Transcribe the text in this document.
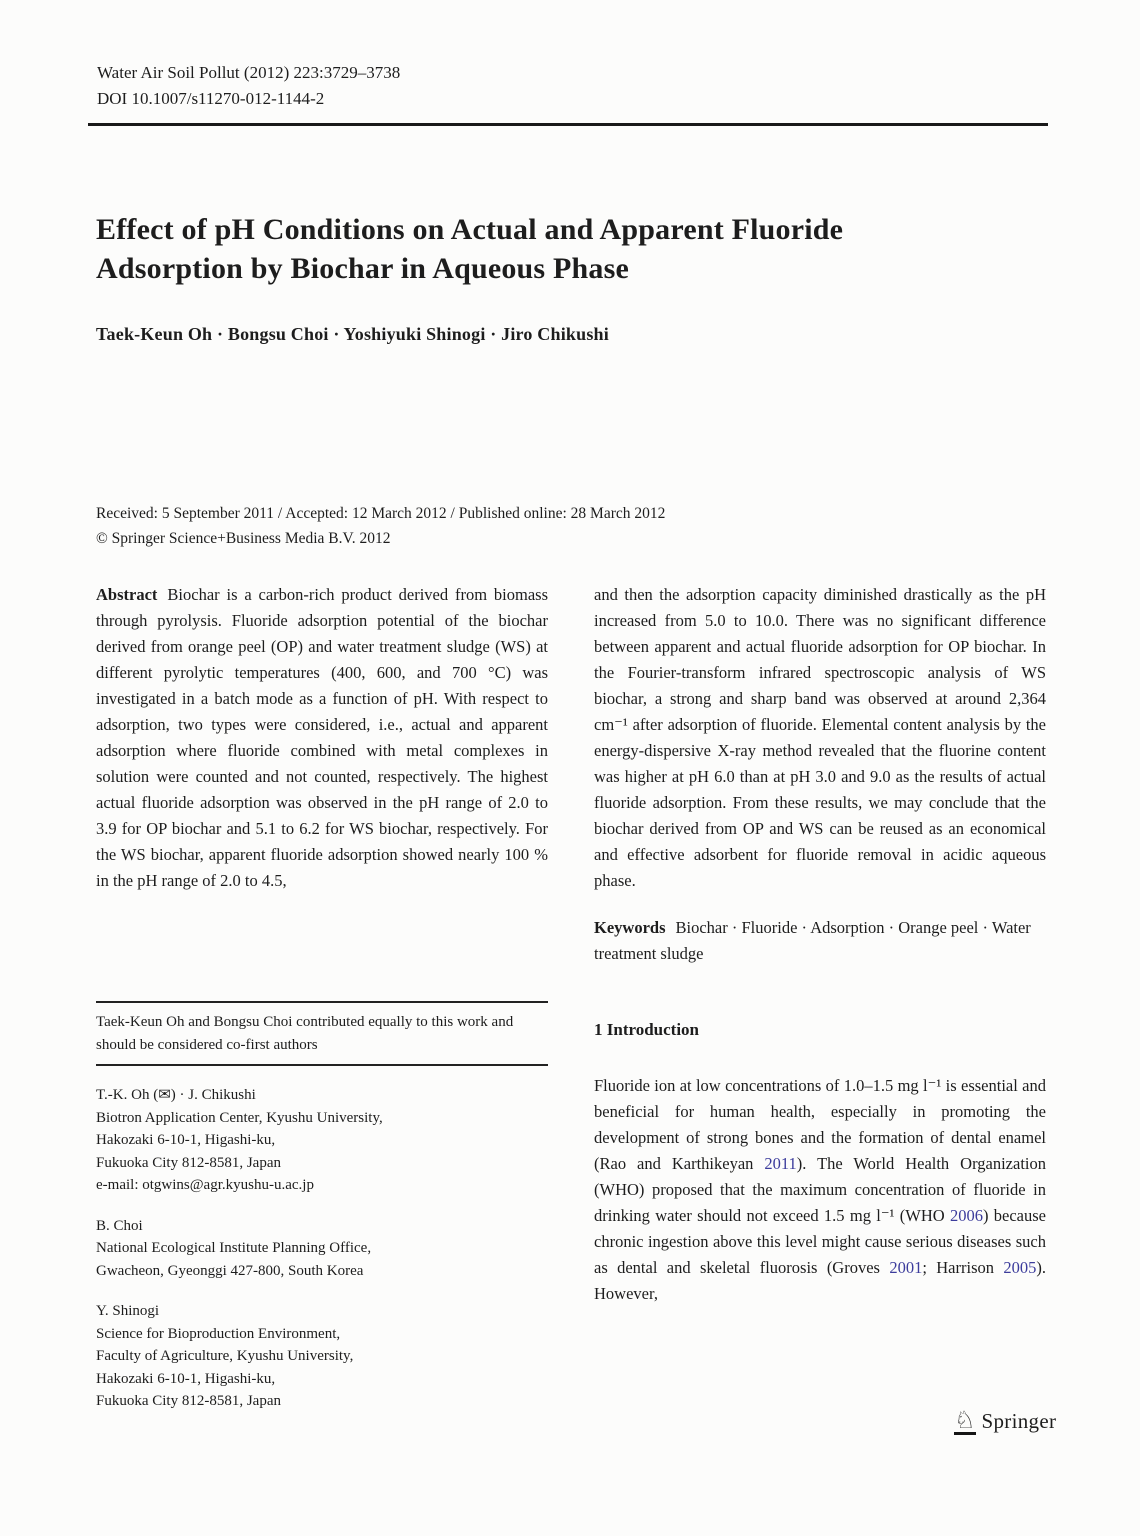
Water Air Soil Pollut (2012) 223:3729–3738
DOI 10.1007/s11270-012-1144-2
Effect of pH Conditions on Actual and Apparent Fluoride Adsorption by Biochar in Aqueous Phase
Taek-Keun Oh · Bongsu Choi · Yoshiyuki Shinogi · Jiro Chikushi
Received: 5 September 2011 / Accepted: 12 March 2012 / Published online: 28 March 2012
© Springer Science+Business Media B.V. 2012

Abstract Biochar is a carbon-rich product derived from biomass through pyrolysis. Fluoride adsorption potential of the biochar derived from orange peel (OP) and water treatment sludge (WS) at different pyrolytic temperatures (400, 600, and 700 °C) was investigated in a batch mode as a function of pH. With respect to adsorption, two types were considered, i.e., actual and apparent adsorption where fluoride combined with metal complexes in solution were counted and not counted, respectively. The highest actual fluoride adsorption was observed in the pH range of 2.0 to 3.9 for OP biochar and 5.1 to 6.2 for WS biochar, respectively. For the WS biochar, apparent fluoride adsorption showed nearly 100 % in the pH range of 2.0 to 4.5,

and then the adsorption capacity diminished drastically as the pH increased from 5.0 to 10.0. There was no significant difference between apparent and actual fluoride adsorption for OP biochar. In the Fourier-transform infrared spectroscopic analysis of WS biochar, a strong and sharp band was observed at around 2,364 cm⁻¹ after adsorption of fluoride. Elemental content analysis by the energy-dispersive X-ray method revealed that the fluorine content was higher at pH 6.0 than at pH 3.0 and 9.0 as the results of actual fluoride adsorption. From these results, we may conclude that the biochar derived from OP and WS can be reused as an economical and effective adsorbent for fluoride removal in acidic aqueous phase.

Keywords Biochar · Fluoride · Adsorption · Orange peel · Water treatment sludge

1 Introduction

Fluoride ion at low concentrations of 1.0–1.5 mg l⁻¹ is essential and beneficial for human health, especially in promoting the development of strong bones and the formation of dental enamel (Rao and Karthikeyan 2011). The World Health Organization (WHO) proposed that the maximum concentration of fluoride in drinking water should not exceed 1.5 mg l⁻¹ (WHO 2006) because chronic ingestion above this level might cause serious diseases such as dental and skeletal fluorosis (Groves 2001; Harrison 2005). However,

Taek-Keun Oh and Bongsu Choi contributed equally to this work and should be considered co-first authors

T.-K. Oh (✉) · J. Chikushi
Biotron Application Center, Kyushu University,
Hakozaki 6-10-1, Higashi-ku,
Fukuoka City 812-8581, Japan
e-mail: otgwins@agr.kyushu-u.ac.jp
B. Choi
National Ecological Institute Planning Office,
Gwacheon, Gyeonggi 427-800, South Korea
Y. Shinogi
Science for Bioproduction Environment,
Faculty of Agriculture, Kyushu University,
Hakozaki 6-10-1, Higashi-ku,
Fukuoka City 812-8581, Japan
♘ Springer
